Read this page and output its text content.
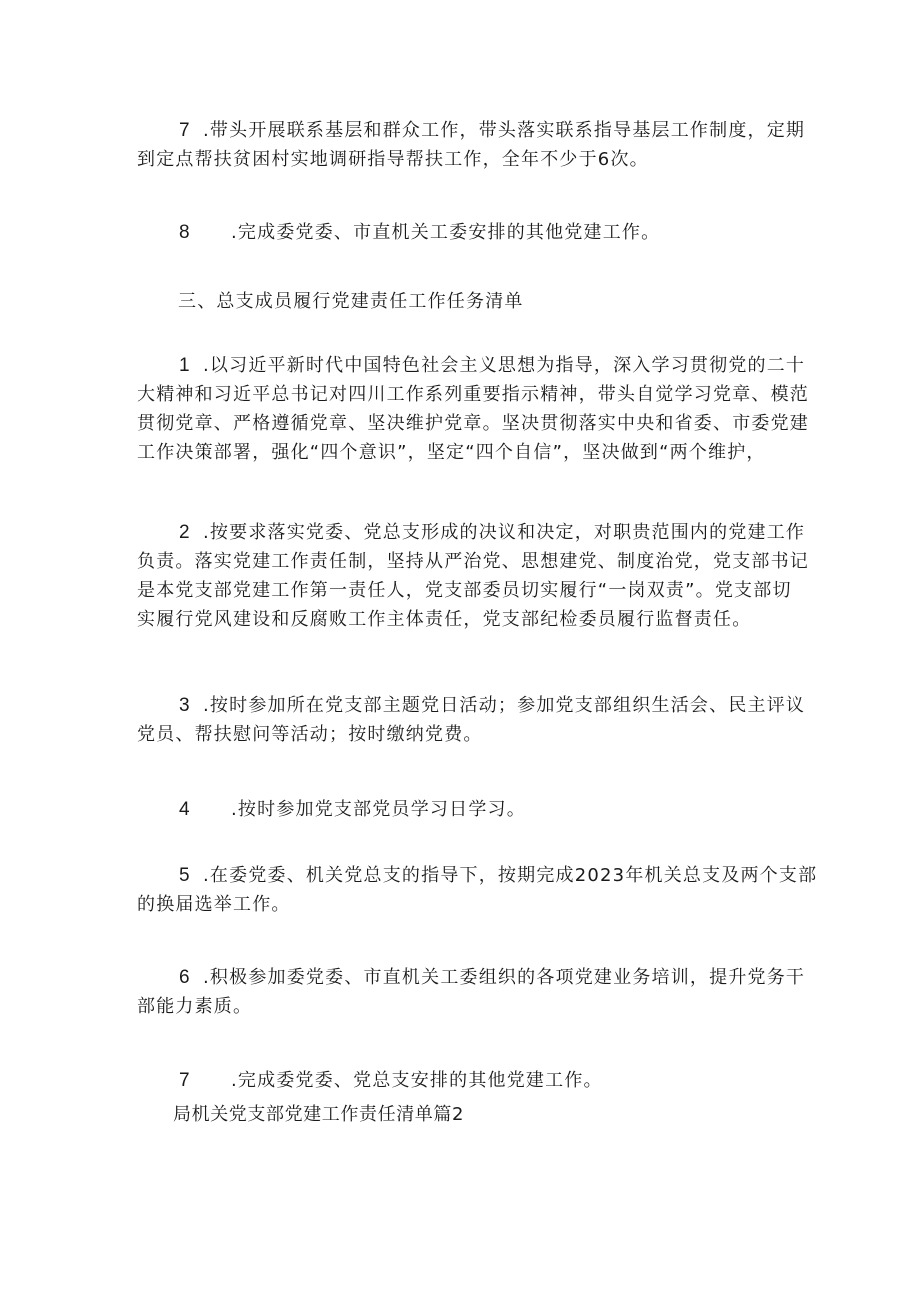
7 .带头开展联系基层和群众工作，带头落实联系指导基层工作制度，定期
到定点帮扶贫困村实地调研指导帮扶工作，全年不少于6次。

8 .完成委党委、市直机关工委安排的其他党建工作。

三、总支成员履行党建责任工作任务清单

1 .以习近平新时代中国特色社会主义思想为指导，深入学习贯彻党的二十
大精神和习近平总书记对四川工作系列重要指示精神，带头自觉学习党章、模范
贯彻党章、严格遵循党章、坚决维护党章。坚决贯彻落实中央和省委、市委党建
工作决策部署，强化“四个意识”，坚定“四个自信”，坚决做到“两个维护，

2 .按要求落实党委、党总支形成的决议和决定，对职贵范围内的党建工作
负责。落实党建工作责任制，坚持从严治党、思想建党、制度治党，党支部书记
是本党支部党建工作第一责任人，党支部委员切实履行“一岗双责”。党支部切
实履行党风建设和反腐败工作主体责任，党支部纪检委员履行监督责任。

3 .按时参加所在党支部主题党日活动；参加党支部组织生活会、民主评议
党员、帮扶慰问等活动；按时缴纳党费。

4 .按时参加党支部党员学习日学习。

5 .在委党委、机关党总支的指导下，按期完成2023年机关总支及两个支部
的换届选举工作。

6 .积极参加委党委、市直机关工委组织的各项党建业务培训，提升党务干
部能力素质。

7 .完成委党委、党总支安排的其他党建工作。

局机关党支部党建工作责任清单篇2
